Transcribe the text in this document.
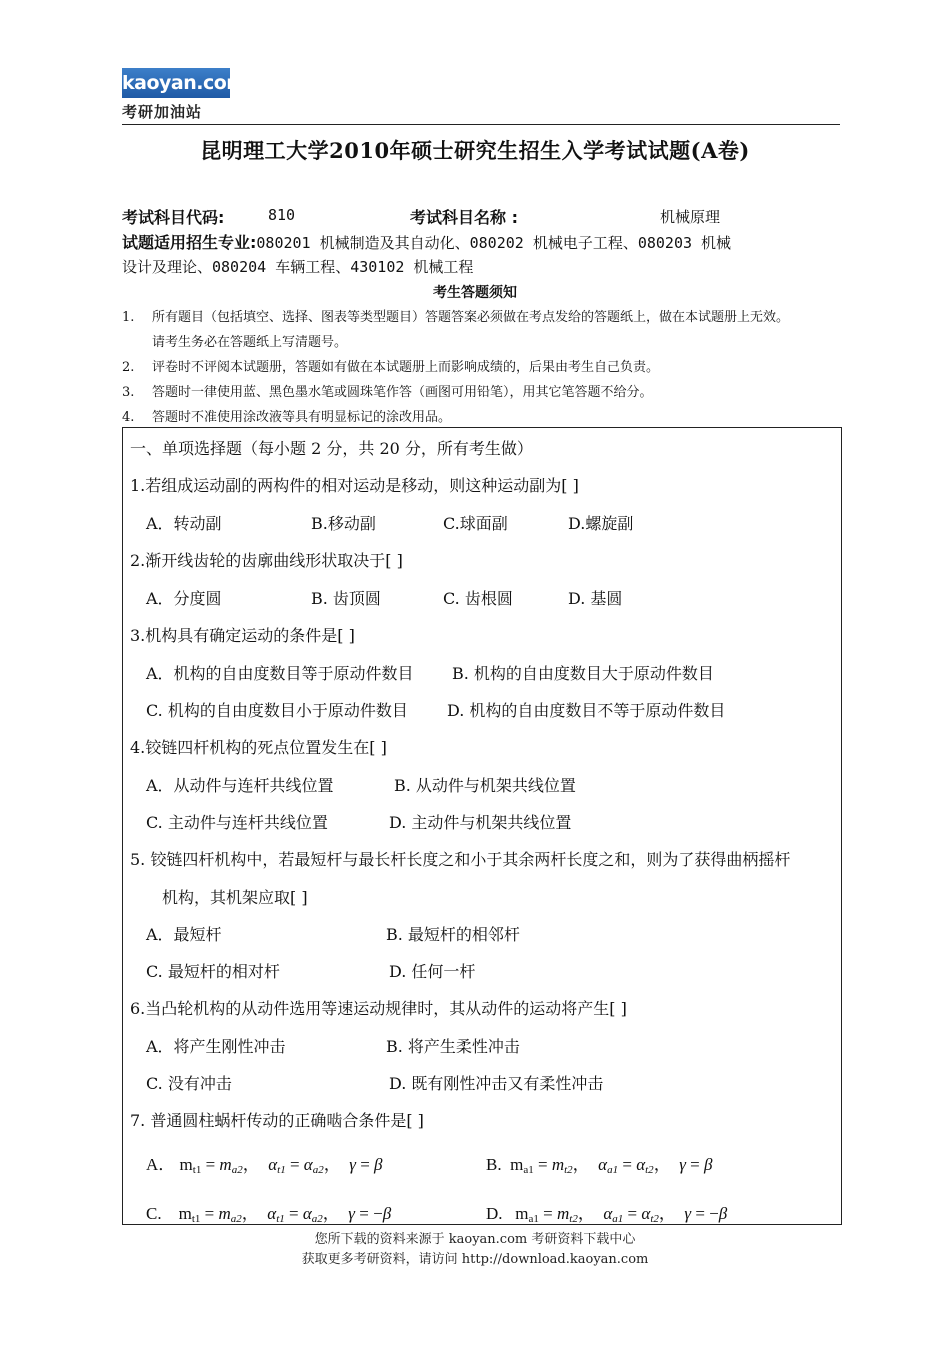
kaoyan.com
考研加油站
昆明理工大学2010年硕士研究生招生入学考试试题(A卷)
考试科目代码:	810	考试科目名称 :	机械原理
试题适用招生专业:080201 机械制造及其自动化、080202 机械电子工程、080203 机械
设计及理论、080204 车辆工程、430102 机械工程
考生答题须知
1. 所有题目（包括填空、选择、图表等类型题目）答题答案必须做在考点发给的答题纸上，做在本试题册上无效。
请考生务必在答题纸上写清题号。
2. 评卷时不评阅本试题册，答题如有做在本试题册上而影响成绩的，后果由考生自己负责。
3. 答题时一律使用蓝、黑色墨水笔或圆珠笔作答（画图可用铅笔），用其它笔答题不给分。
4. 答题时不准使用涂改液等具有明显标记的涂改用品。
一、单项选择题（每小题 2 分，共 20 分，所有考生做）
1.若组成运动副的两构件的相对运动是移动，则这种运动副为[ ]
A．转动副	B.移动副	C.球面副	D.螺旋副
2.渐开线齿轮的齿廓曲线形状取决于[ ]
A．分度圆	B. 齿顶圆	C. 齿根圆	D. 基圆
3.机构具有确定运动的条件是[ ]
A．机构的自由度数目等于原动件数目 B. 机构的自由度数目大于原动件数目
C. 机构的自由度数目小于原动件数目 D. 机构的自由度数目不等于原动件数目
4.铰链四杆机构的死点位置发生在[ ]
A．从动件与连杆共线位置	B. 从动件与机架共线位置
C. 主动件与连杆共线位置	D. 主动件与机架共线位置
5. 铰链四杆机构中，若最短杆与最长杆长度之和小于其余两杆长度之和，则为了获得曲柄摇杆
机构，其机架应取[ ]
A．最短杆	B. 最短杆的相邻杆
C. 最短杆的相对杆	D. 任何一杆
6.当凸轮机构的从动件选用等速运动规律时，其从动件的运动将产生[ ]
A．将产生刚性冲击	B. 将产生柔性冲击
C. 没有冲击	D. 既有刚性冲击又有柔性冲击
7. 普通圆柱蜗杆传动的正确啮合条件是[ ]
A． $m_{t1} = m_{a2}$， $\alpha_{t1} = \alpha_{a2}$， γ = β	B. $m_{a1} = m_{t2}$， $\alpha_{a1} = \alpha_{t2}$， γ = β
C. $m_{t1} = m_{a2}$， $\alpha_{t1} = \alpha_{a2}$， γ = −β	D. $m_{a1} = m_{t2}$， $\alpha_{a1} = \alpha_{t2}$， γ = −β
您所下载的资料来源于 kaoyan.com 考研资料下载中心
获取更多考研资料，请访问 http://download.kaoyan.com
